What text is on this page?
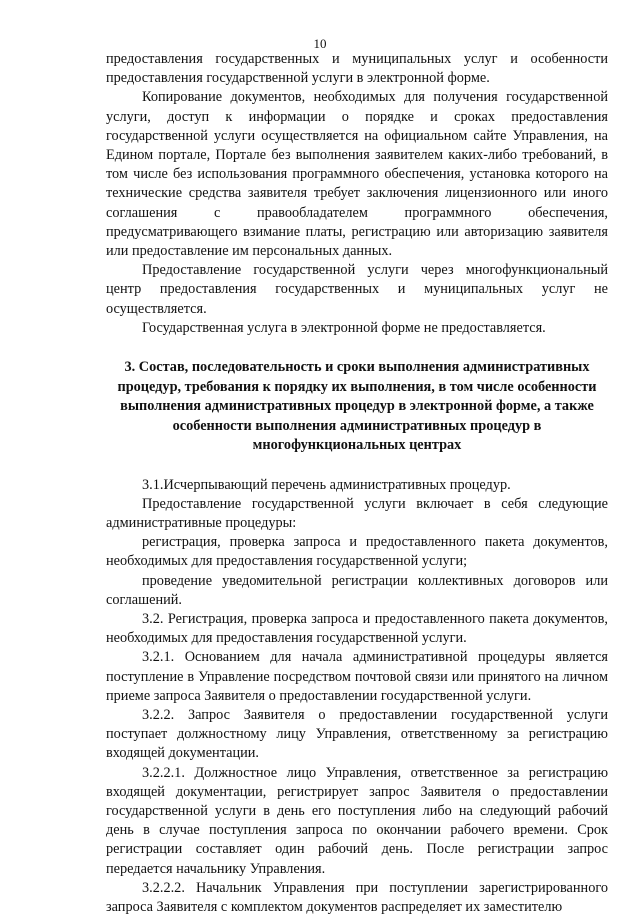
10

предоставления государственных и муниципальных услуг и особенности предоставления государственной услуги в электронной форме.

Копирование документов, необходимых для получения государственной услуги, доступ к информации о порядке и сроках предоставления государственной услуги осуществляется на официальном сайте Управления, на Едином портале, Портале без выполнения заявителем каких-либо требований, в том числе без использования программного обеспечения, установка которого на технические средства заявителя требует заключения лицензионного или иного соглашения с правообладателем программного обеспечения, предусматривающего взимание платы, регистрацию или авторизацию заявителя или предоставление им персональных данных.

Предоставление государственной услуги через многофункциональный центр предоставления государственных и муниципальных услуг не осуществляется.

Государственная услуга в электронной форме не предоставляется.

3. Состав, последовательность и сроки выполнения административных процедур, требования к порядку их выполнения, в том числе особенности выполнения административных процедур в электронной форме, а также особенности выполнения административных процедур в многофункциональных центрах

3.1.Исчерпывающий перечень административных процедур.

Предоставление государственной услуги включает в себя следующие административные процедуры:

регистрация, проверка запроса и предоставленного пакета документов, необходимых для предоставления государственной услуги;

проведение уведомительной регистрации коллективных договоров или соглашений.

3.2. Регистрация, проверка запроса и предоставленного пакета документов, необходимых для предоставления государственной услуги.

3.2.1. Основанием для начала административной процедуры является поступление в Управление посредством почтовой связи или принятого на личном приеме запроса Заявителя о предоставлении государственной услуги.

3.2.2. Запрос Заявителя о предоставлении государственной услуги поступает должностному лицу Управления, ответственному за регистрацию входящей документации.

3.2.2.1. Должностное лицо Управления, ответственное за регистрацию входящей документации, регистрирует запрос Заявителя о предоставлении государственной услуги в день его поступления либо на следующий рабочий день в случае поступления запроса по окончании рабочего времени. Срок регистрации составляет один рабочий день. После регистрации запрос передается начальнику Управления.

3.2.2.2. Начальник Управления при поступлении зарегистрированного запроса Заявителя с комплектом документов распределяет их заместителю
